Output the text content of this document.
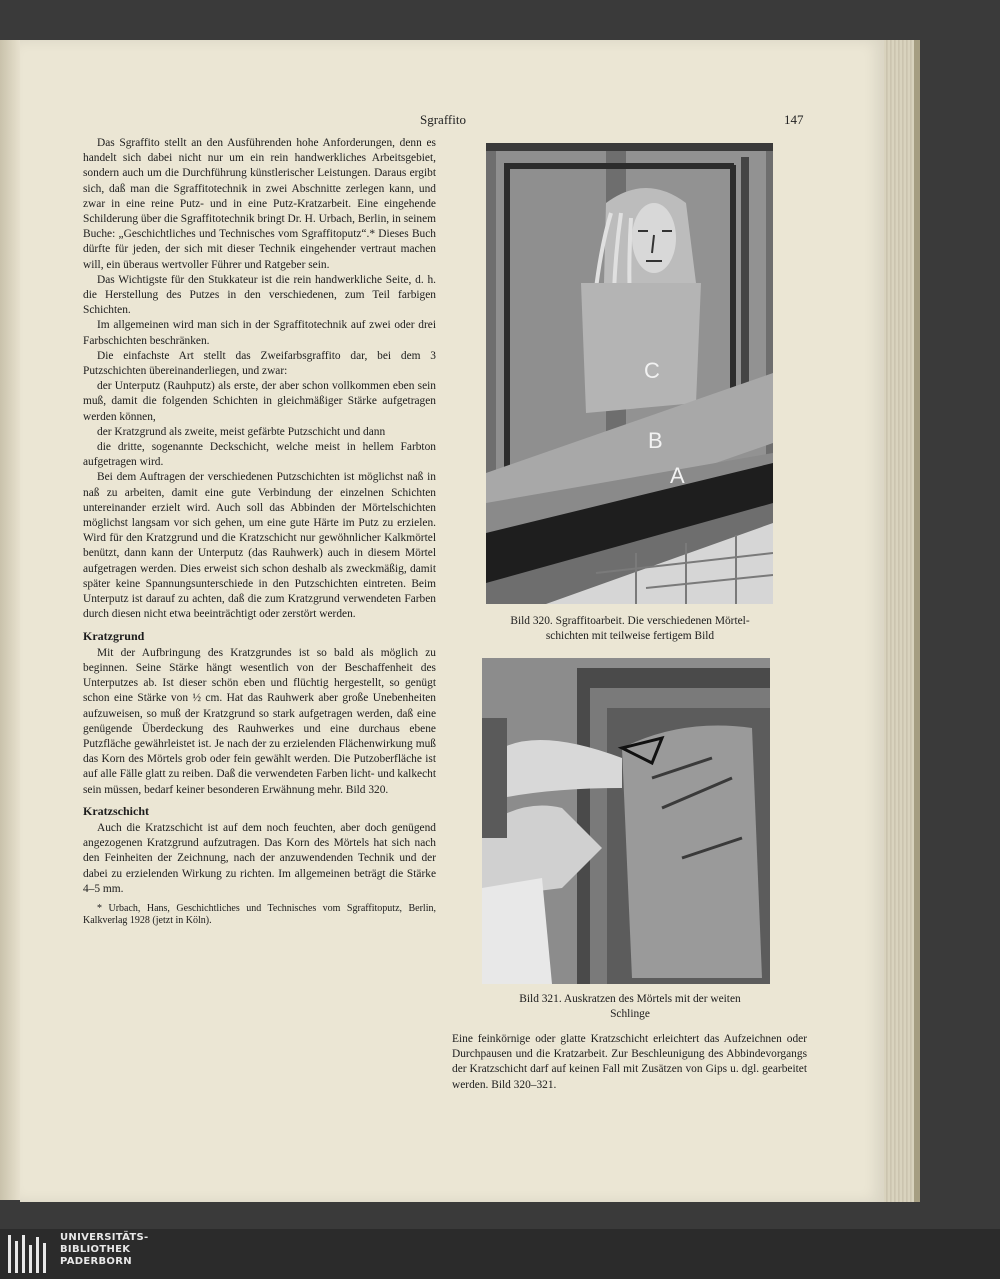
Sgraffito	147

Das Sgraffito stellt an den Ausführenden hohe Anforderungen, denn es handelt sich dabei nicht nur um ein rein handwerkliches Arbeitsgebiet, sondern auch um die Durchführung künstlerischer Leistungen. Daraus ergibt sich, daß man die Sgraffitotechnik in zwei Abschnitte zerlegen kann, und zwar in eine reine Putz- und in eine Putz-Kratzarbeit. Eine eingehende Schilderung über die Sgraffitotechnik bringt Dr. H. Urbach, Berlin, in seinem Buche: „Geschichtliches und Technisches vom Sgraffitoputz“.* Dieses Buch dürfte für jeden, der sich mit dieser Technik eingehender vertraut machen will, ein überaus wertvoller Führer und Ratgeber sein.

Das Wichtigste für den Stukkateur ist die rein handwerkliche Seite, d. h. die Herstellung des Putzes in den verschiedenen, zum Teil farbigen Schichten.

Im allgemeinen wird man sich in der Sgraffitotechnik auf zwei oder drei Farbschichten beschränken.

Die einfachste Art stellt das Zweifarbsgraffito dar, bei dem 3 Putzschichten übereinanderliegen, und zwar:

der Unterputz (Rauhputz) als erste, der aber schon vollkommen eben sein muß, damit die folgenden Schichten in gleichmäßiger Stärke aufgetragen werden können,

der Kratzgrund als zweite, meist gefärbte Putzschicht und dann

die dritte, sogenannte Deckschicht, welche meist in hellem Farbton aufgetragen wird.

Bei dem Auftragen der verschiedenen Putzschichten ist möglichst naß in naß zu arbeiten, damit eine gute Verbindung der einzelnen Schichten untereinander erzielt wird. Auch soll das Abbinden der Mörtelschichten möglichst langsam vor sich gehen, um eine gute Härte im Putz zu erzielen. Wird für den Kratzgrund und die Kratzschicht nur gewöhnlicher Kalkmörtel benützt, dann kann der Unterputz (das Rauhwerk) auch in diesem Mörtel aufgetragen werden. Dies erweist sich schon deshalb als zweckmäßig, damit später keine Spannungsunterschiede in den Putzschichten eintreten. Beim Unterputz ist darauf zu achten, daß die zum Kratzgrund verwendeten Farben durch diesen nicht etwa beeinträchtigt oder zerstört werden.

Kratzgrund

Mit der Aufbringung des Kratzgrundes ist so bald als möglich zu beginnen. Seine Stärke hängt wesentlich von der Beschaffenheit des Unterputzes ab. Ist dieser schön eben und flüchtig hergestellt, so genügt schon eine Stärke von ½ cm. Hat das Rauhwerk aber große Unebenheiten aufzuweisen, so muß der Kratzgrund so stark aufgetragen werden, daß eine genügende Überdeckung des Rauhwerkes und eine durchaus ebene Putzfläche gewährleistet ist. Je nach der zu erzielenden Flächenwirkung muß das Korn des Mörtels grob oder fein gewählt werden. Die Putzoberfläche ist auf alle Fälle glatt zu reiben. Daß die verwendeten Farben licht- und kalkecht sein müssen, bedarf keiner besonderen Erwähnung mehr. Bild 320.

Kratzschicht

Auch die Kratzschicht ist auf dem noch feuchten, aber doch genügend angezogenen Kratzgrund aufzutragen. Das Korn des Mörtels hat sich nach den Feinheiten der Zeichnung, nach der anzuwendenden Technik und der dabei zu erzielenden Wirkung zu richten. Im allgemeinen beträgt die Stärke 4–5 mm.

* Urbach, Hans, Geschichtliches und Technisches vom Sgraffitoputz, Berlin, Kalkverlag 1928 (jetzt in Köln).

C
B
A
Bild 320. Sgraffitoarbeit. Die verschiedenen Mörtel-
schichten mit teilweise fertigem Bild
Bild 321. Auskratzen des Mörtels mit der weiten
Schlinge

Eine feinkörnige oder glatte Kratzschicht erleichtert das Aufzeichnen oder Durchpausen und die Kratzarbeit. Zur Beschleunigung des Abbindevorgangs der Kratzschicht darf auf keinen Fall mit Zusätzen von Gips u. dgl. gearbeitet werden. Bild 320–321.

UNIVERSITÄTS-
BIBLIOTHEK
PADERBORN
